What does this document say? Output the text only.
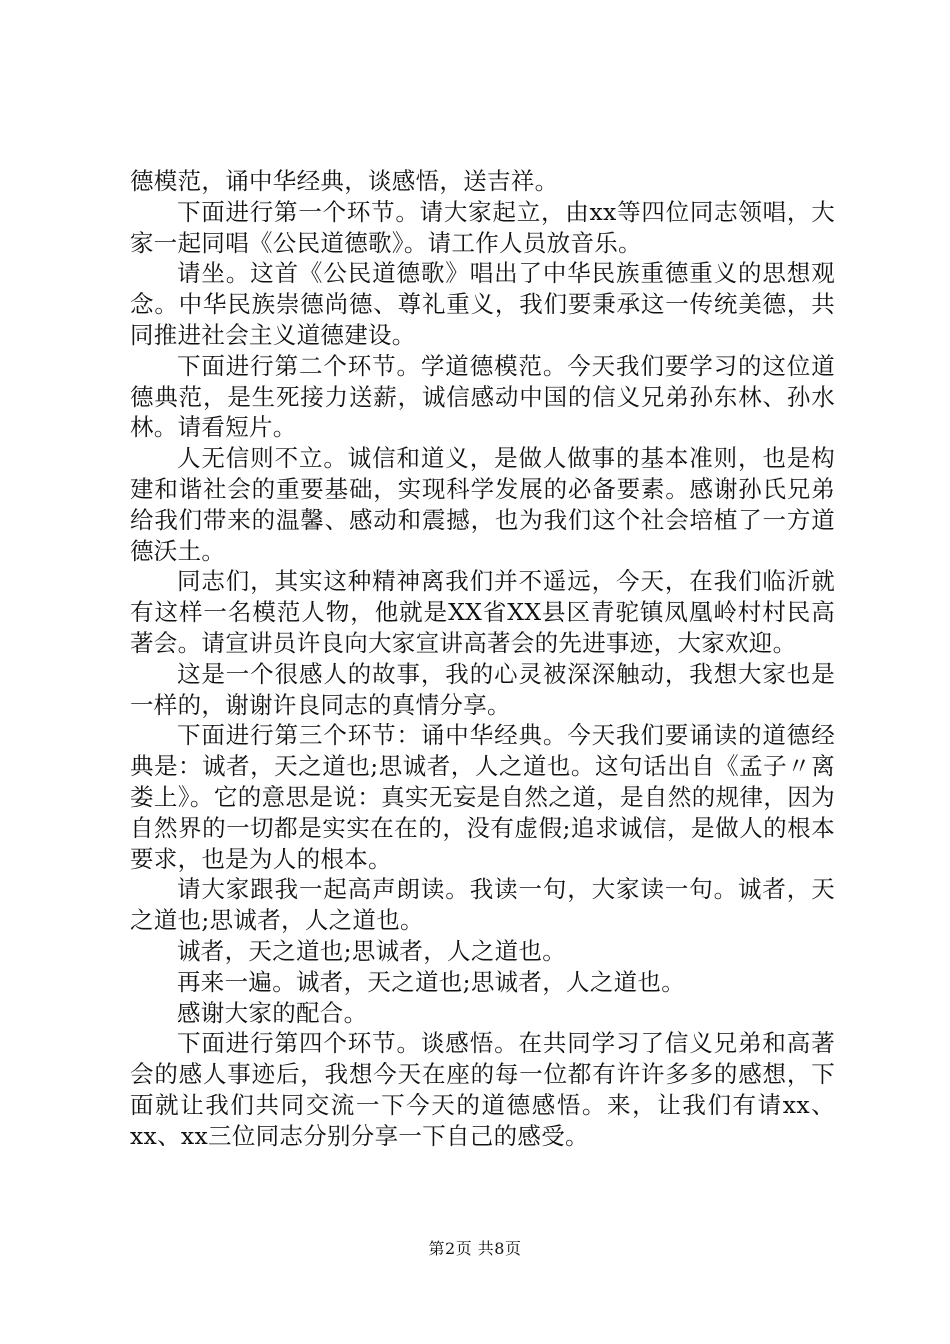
德模范，诵中华经典，谈感悟，送吉祥。

下面进行第一个环节。请大家起立，由xx等四位同志领唱，大家一起同唱《公民道德歌》。请工作人员放音乐。

请坐。这首《公民道德歌》唱出了中华民族重德重义的思想观念。中华民族崇德尚德、尊礼重义，我们要秉承这一传统美德，共同推进社会主义道德建设。

下面进行第二个环节。学道德模范。今天我们要学习的这位道德典范，是生死接力送薪，诚信感动中国的信义兄弟孙东林、孙水林。请看短片。

人无信则不立。诚信和道义，是做人做事的基本准则，也是构建和谐社会的重要基础，实现科学发展的必备要素。感谢孙氏兄弟给我们带来的温馨、感动和震撼，也为我们这个社会培植了一方道德沃土。

同志们，其实这种精神离我们并不遥远，今天，在我们临沂就有这样一名模范人物，他就是XX省XX县区青驼镇凤凰岭村村民高著会。请宣讲员许良向大家宣讲高著会的先进事迹，大家欢迎。

这是一个很感人的故事，我的心灵被深深触动，我想大家也是一样的，谢谢许良同志的真情分享。

下面进行第三个环节：诵中华经典。今天我们要诵读的道德经典是：诚者，天之道也;思诚者，人之道也。这句话出自《孟子〃离娄上》。它的意思是说：真实无妄是自然之道，是自然的规律，因为自然界的一切都是实实在在的，没有虚假;追求诚信，是做人的根本要求，也是为人的根本。

请大家跟我一起高声朗读。我读一句，大家读一句。诚者，天之道也;思诚者，人之道也。

诚者，天之道也;思诚者，人之道也。

再来一遍。诚者，天之道也;思诚者，人之道也。

感谢大家的配合。

下面进行第四个环节。谈感悟。在共同学习了信义兄弟和高著会的感人事迹后，我想今天在座的每一位都有许许多多的感想，下面就让我们共同交流一下今天的道德感悟。来，让我们有请xx、xx、xx三位同志分别分享一下自己的感受。

第2页 共8页
